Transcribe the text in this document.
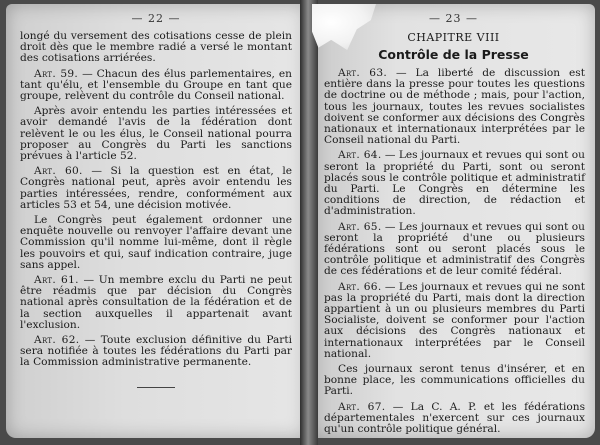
— 22 —

longé du versement des cotisations cesse de plein droit dès que le membre radié a versé le montant des cotisations arriérées.

Art. 59. — Chacun des élus parlementaires, en tant qu'élu, et l'ensemble du Groupe en tant que groupe, relèvent du contrôle du Conseil national.

Après avoir entendu les parties intéressées et avoir demandé l'avis de la fédération dont relèvent le ou les élus, le Conseil national pourra proposer au Congrès du Parti les sanctions prévues à l'article 52.

Art. 60. — Si la question est en état, le Congrès national peut, après avoir entendu les parties intéressées, rendre, conformément aux articles 53 et 54, une décision motivée.

Le Congrès peut également ordonner une enquête nouvelle ou renvoyer l'affaire devant une Commission qu'il nomme lui-même, dont il règle les pouvoirs et qui, sauf indication contraire, juge sans appel.

Art. 61. — Un membre exclu du Parti ne peut être réadmis que par décision du Congrès national après consultation de la fédération et de la section auxquelles il appartenait avant l'exclusion.

Art. 62. — Toute exclusion définitive du Parti sera notifiée à toutes les fédérations du Parti par la Commission administrative permanente.

— 23 —
CHAPITRE VIII
Contrôle de la Presse

Art. 63. — La liberté de discussion est entière dans la presse pour toutes les questions de doctrine ou de méthode ; mais, pour l'action, tous les journaux, toutes les revues socialistes doivent se conformer aux décisions des Congrès nationaux et internationaux interprétées par le Conseil national du Parti.

Art. 64. — Les journaux et revues qui sont ou seront la propriété du Parti, sont ou seront placés sous le contrôle politique et administratif du Parti. Le Congrès en détermine les conditions de direction, de rédaction et d'administration.

Art. 65. — Les journaux et revues qui sont ou seront la propriété d'une ou plusieurs fédérations sont ou seront placés sous le contrôle politique et administratif des Congrès de ces fédérations et de leur comité fédéral.

Art. 66. — Les journaux et revues qui ne sont pas la propriété du Parti, mais dont la direction appartient à un ou plusieurs membres du Parti Socialiste, doivent se conformer pour l'action aux décisions des Congrès nationaux et internationaux interprétées par le Conseil national.

Ces journaux seront tenus d'insérer, et en bonne place, les communications officielles du Parti.

Art. 67. — La C. A. P. et les fédérations départementales n'exercent sur ces journaux qu'un contrôle politique général.
